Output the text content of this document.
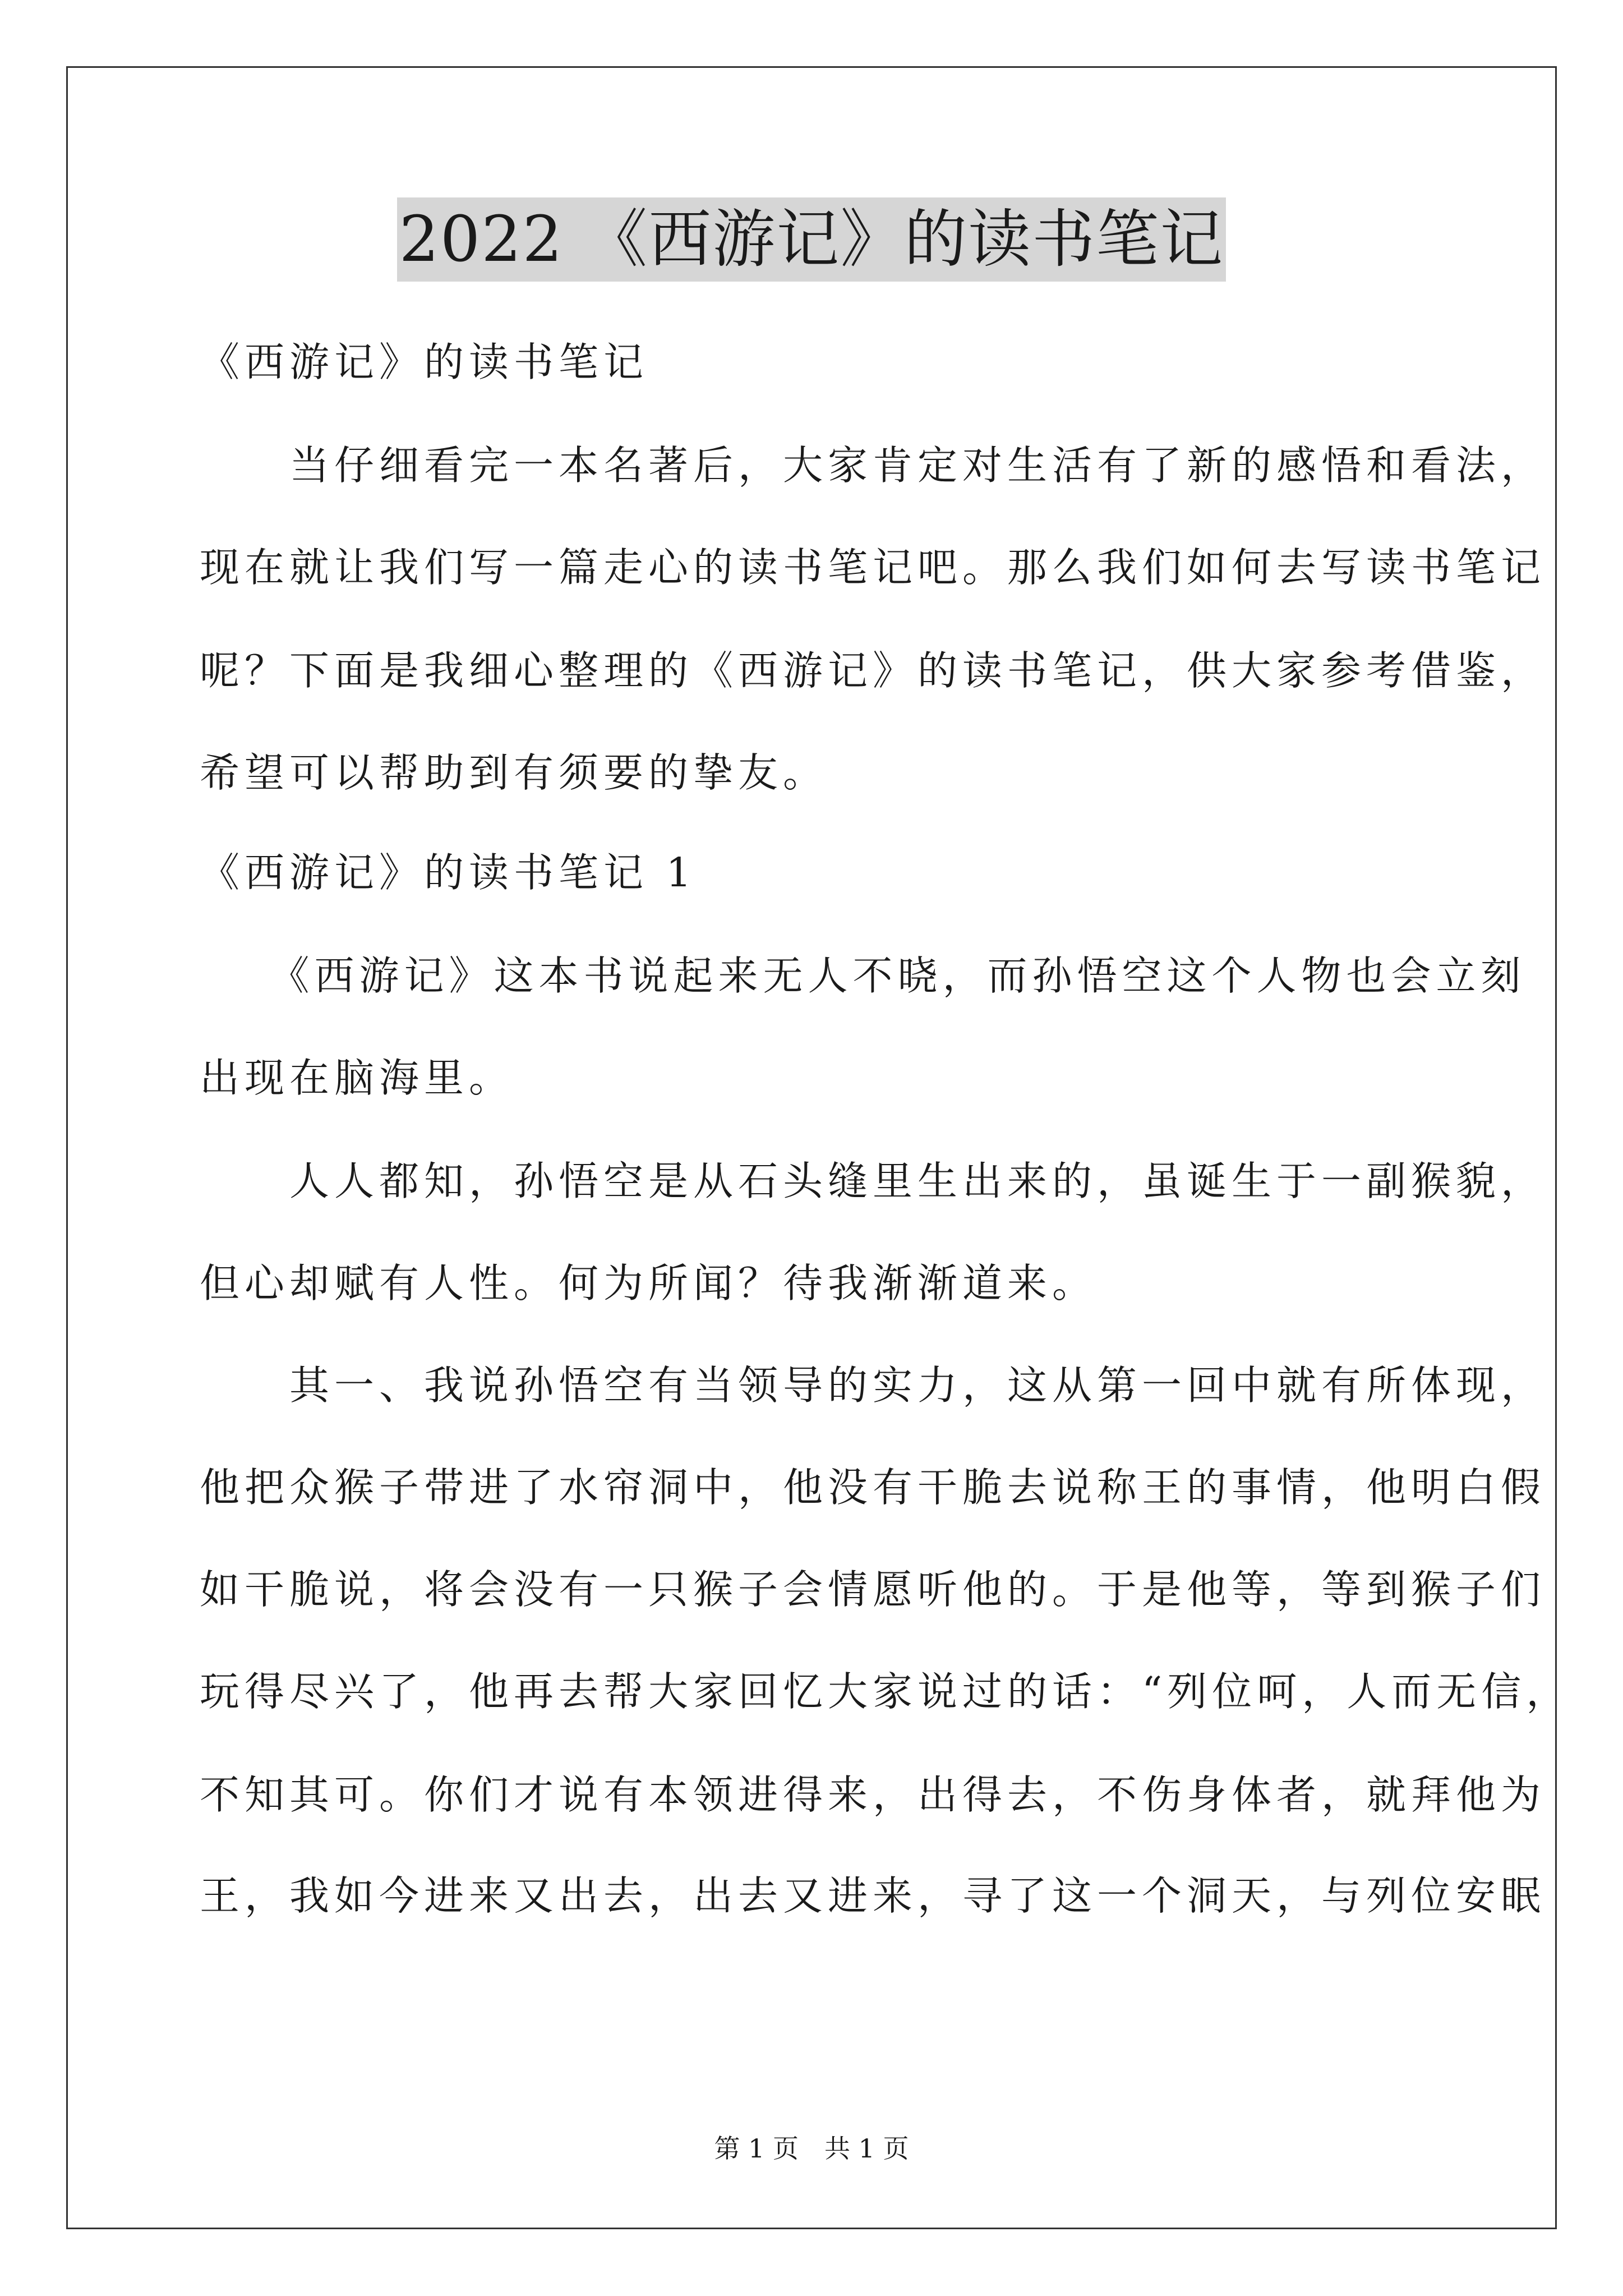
2022 《西游记》的读书笔记
《西游记》的读书笔记
　　当仔细看完一本名著后，大家肯定对生活有了新的感悟和看法，
现在就让我们写一篇走心的读书笔记吧。那么我们如何去写读书笔记
呢？下面是我细心整理的《西游记》的读书笔记，供大家参考借鉴，
希望可以帮助到有须要的挚友。
《西游记》的读书笔记 1
　　《西游记》这本书说起来无人不晓，而孙悟空这个人物也会立刻
出现在脑海里。
　　人人都知，孙悟空是从石头缝里生出来的，虽诞生于一副猴貌，
但心却赋有人性。何为所闻？待我渐渐道来。
　　其一、我说孙悟空有当领导的实力，这从第一回中就有所体现，
他把众猴子带进了水帘洞中，他没有干脆去说称王的事情，他明白假
如干脆说，将会没有一只猴子会情愿听他的。于是他等，等到猴子们
玩得尽兴了，他再去帮大家回忆大家说过的话：“列位呵，人而无信，
不知其可。你们才说有本领进得来，出得去，不伤身体者，就拜他为
王，我如今进来又出去，出去又进来，寻了这一个洞天，与列位安眠
第 1 页　共 1 页
